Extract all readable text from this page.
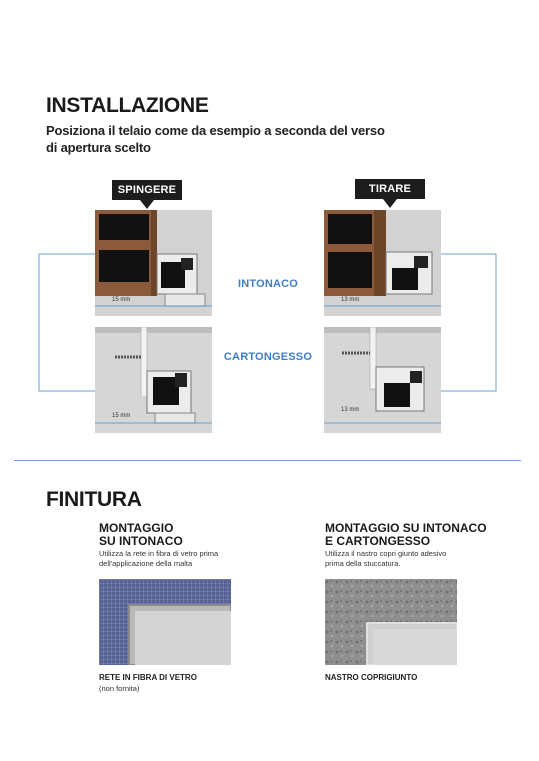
INSTALLAZIONE
Posiziona il telaio come da esempio a seconda del verso
di apertura scelto
SPINGERE	TIRARE
15 mm	13 mm
INTONACO
CARTONGESSO
15 mm
13 mm
FINITURA
MONTAGGIO
SU INTONACO
Utilizza la rete in fibra di vetro prima
dell'applicazione della malta
RETE IN FIBRA DI VETRO
(non fornita)
MONTAGGIO SU INTONACO
E CARTONGESSO
Utilizza il nastro copri giunto adesivo
prima della stuccatura.
NASTRO COPRIGIUNTO
